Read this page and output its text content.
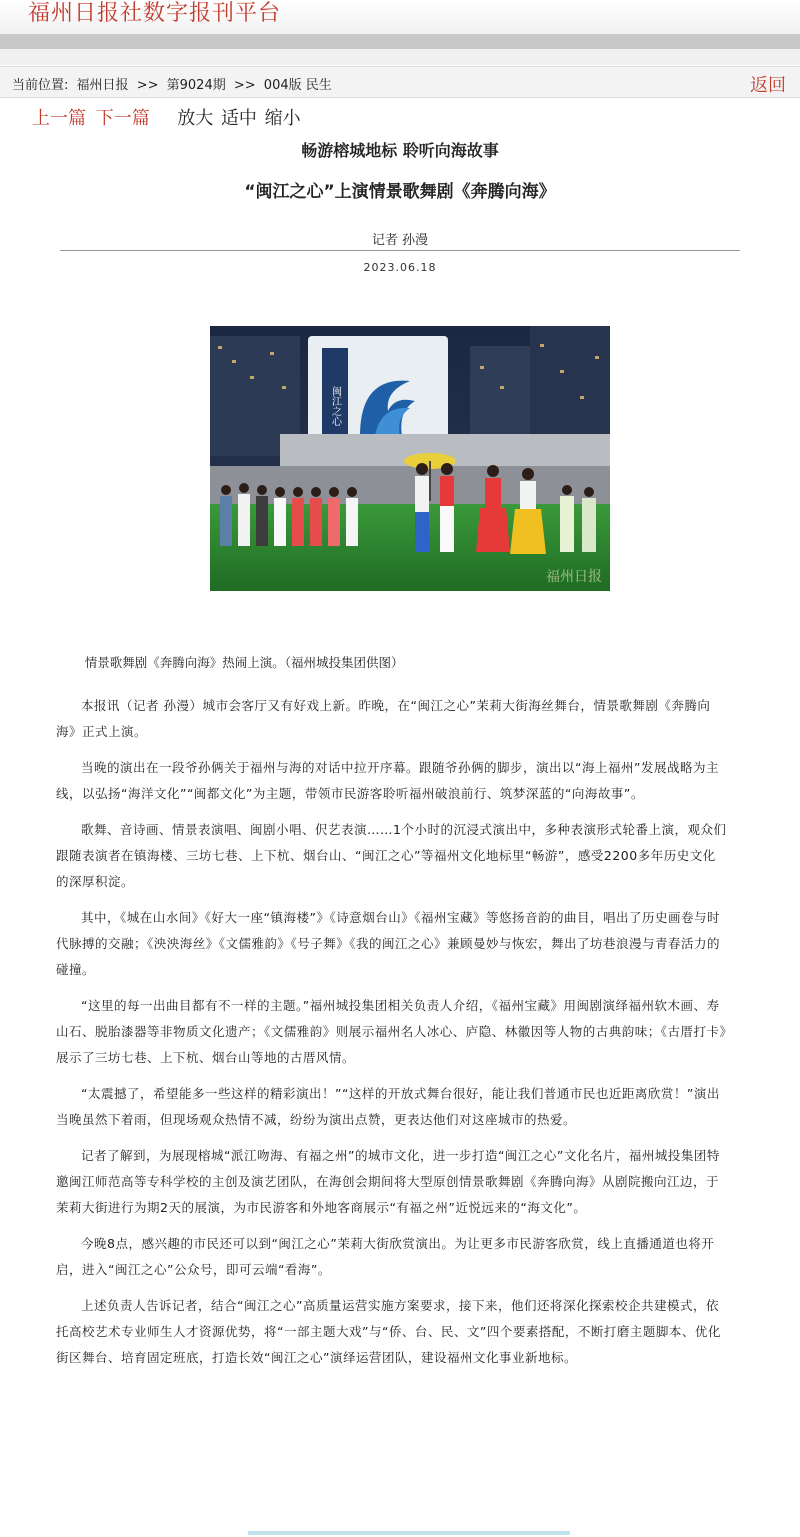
福州日报社数字报刊平台
当前位置: 福州日报 >> 第9024期 >> 004版 民生	返回
上一篇 下一篇 放大 适中 缩小
畅游榕城地标 聆听向海故事
“闽江之心”上演情景歌舞剧《奔腾向海》
记者 孙漫
2023.06.18
闽江之心
福州日报
情景歌舞剧《奔腾向海》热闹上演。（福州城投集团供图）

本报讯（记者 孙漫）城市会客厅又有好戏上新。昨晚，在“闽江之心”茉莉大街海丝舞台，情景歌舞剧《奔腾向海》正式上演。

当晚的演出在一段爷孙俩关于福州与海的对话中拉开序幕。跟随爷孙俩的脚步，演出以“海上福州”发展战略为主线，以弘扬“海洋文化”“闽都文化”为主题，带领市民游客聆听福州破浪前行、筑梦深蓝的“向海故事”。

歌舞、音诗画、情景表演唱、闽剧小唱、伬艺表演……1个小时的沉浸式演出中，多种表演形式轮番上演，观众们跟随表演者在镇海楼、三坊七巷、上下杭、烟台山、“闽江之心”等福州文化地标里“畅游”，感受2200多年历史文化的深厚积淀。

其中，《城在山水间》《好大一座“镇海楼”》《诗意烟台山》《福州宝藏》等悠扬音韵的曲目，唱出了历史画卷与时代脉搏的交融；《泱泱海丝》《文儒雅韵》《号子舞》《我的闽江之心》兼顾曼妙与恢宏，舞出了坊巷浪漫与青春活力的碰撞。

“这里的每一出曲目都有不一样的主题。”福州城投集团相关负责人介绍，《福州宝藏》用闽剧演绎福州软木画、寿山石、脱胎漆器等非物质文化遗产；《文儒雅韵》则展示福州名人冰心、庐隐、林徽因等人物的古典韵味；《古厝打卡》展示了三坊七巷、上下杭、烟台山等地的古厝风情。

“太震撼了，希望能多一些这样的精彩演出！”“这样的开放式舞台很好，能让我们普通市民也近距离欣赏！”演出当晚虽然下着雨，但现场观众热情不减，纷纷为演出点赞，更表达他们对这座城市的热爱。

记者了解到，为展现榕城“派江吻海、有福之州”的城市文化，进一步打造“闽江之心”文化名片，福州城投集团特邀闽江师范高等专科学校的主创及演艺团队，在海创会期间将大型原创情景歌舞剧《奔腾向海》从剧院搬向江边，于茉莉大街进行为期2天的展演，为市民游客和外地客商展示“有福之州”近悦远来的“海文化”。

今晚8点，感兴趣的市民还可以到“闽江之心”茉莉大街欣赏演出。为让更多市民游客欣赏，线上直播通道也将开启，进入“闽江之心”公众号，即可云端“看海”。

上述负责人告诉记者，结合“闽江之心”高质量运营实施方案要求，接下来，他们还将深化探索校企共建模式，依托高校艺术专业师生人才资源优势，将“一部主题大戏”与“侨、台、民、文”四个要素搭配，不断打磨主题脚本、优化街区舞台、培育固定班底，打造长效“闽江之心”演绎运营团队，建设福州文化事业新地标。
